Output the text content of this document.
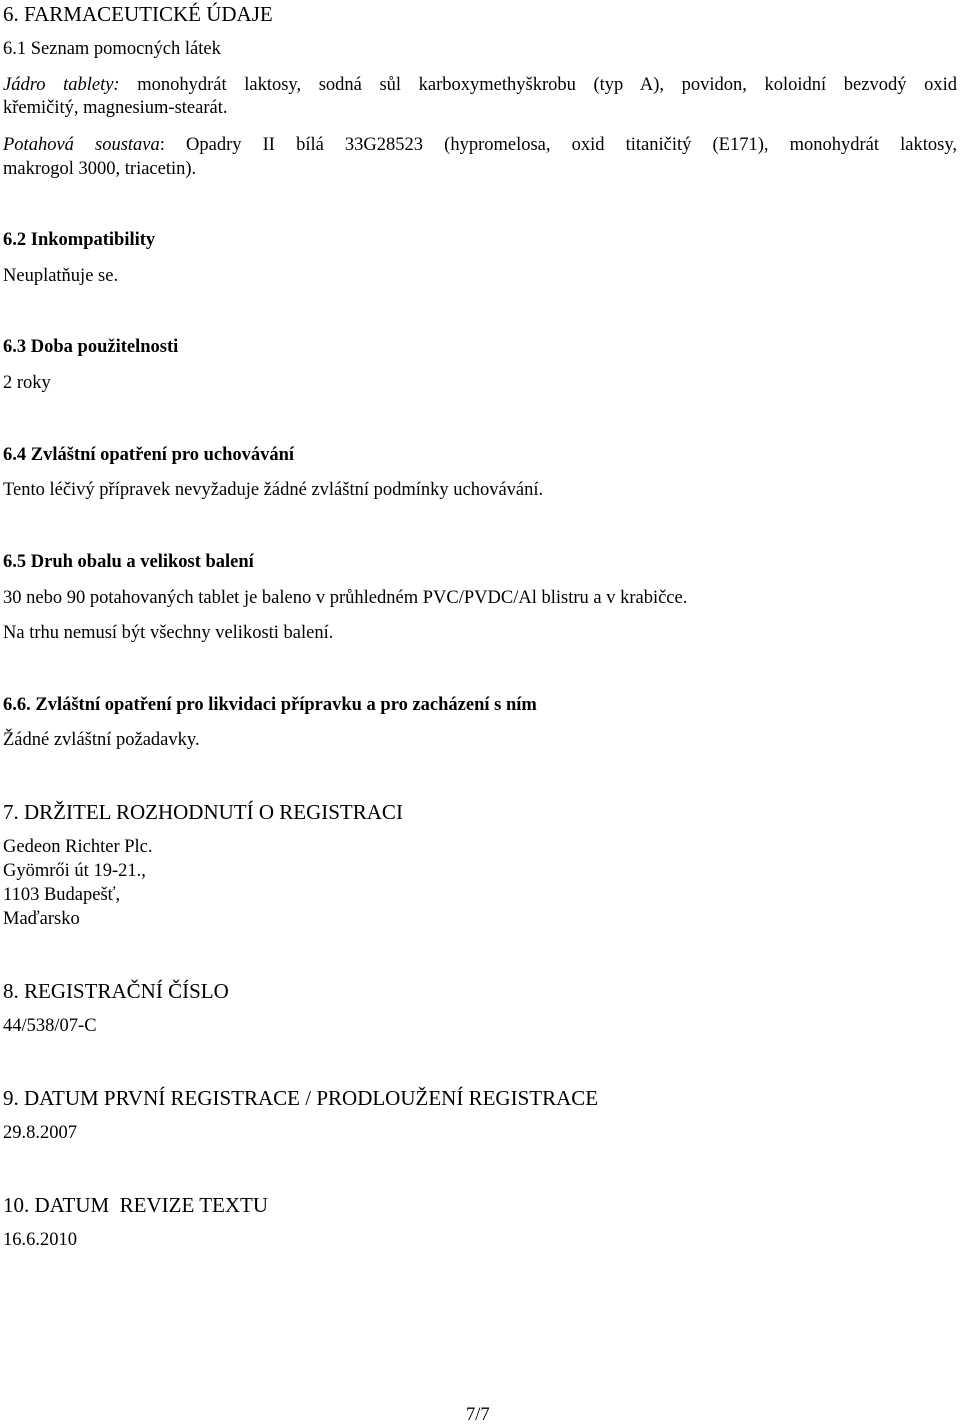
6. FARMACEUTICKÉ ÚDAJE
6.1 Seznam pomocných látek
Jádro tablety: monohydrát laktosy, sodná sůl karboxymethyškrobu (typ A), povidon, koloidní bezvodý oxid
křemičitý, magnesium-stearát.
Potahová soustava: Opadry II bílá 33G28523 (hypromelosa, oxid titaničitý (E171), monohydrát laktosy,
makrogol 3000, triacetin).
6.2 Inkompatibility
Neuplatňuje se.
6.3 Doba použitelnosti
2 roky
6.4 Zvláštní opatření pro uchovávání
Tento léčivý přípravek nevyžaduje žádné zvláštní podmínky uchovávání.
6.5 Druh obalu a velikost balení
30 nebo 90 potahovaných tablet je baleno v průhledném PVC/PVDC/Al blistru a v krabičce.
Na trhu nemusí být všechny velikosti balení.
6.6. Zvláštní opatření pro likvidaci přípravku a pro zacházení s ním
Žádné zvláštní požadavky.
7. DRŽITEL ROZHODNUTÍ O REGISTRACI
Gedeon Richter Plc.
Gyömrői út 19-21.,
1103 Budapešť,
Maďarsko
8. REGISTRAČNÍ ČÍSLO
44/538/07-C
9. DATUM PRVNÍ REGISTRACE / PRODLOUŽENÍ REGISTRACE
29.8.2007
10. DATUM  REVIZE TEXTU
16.6.2010
7/7
